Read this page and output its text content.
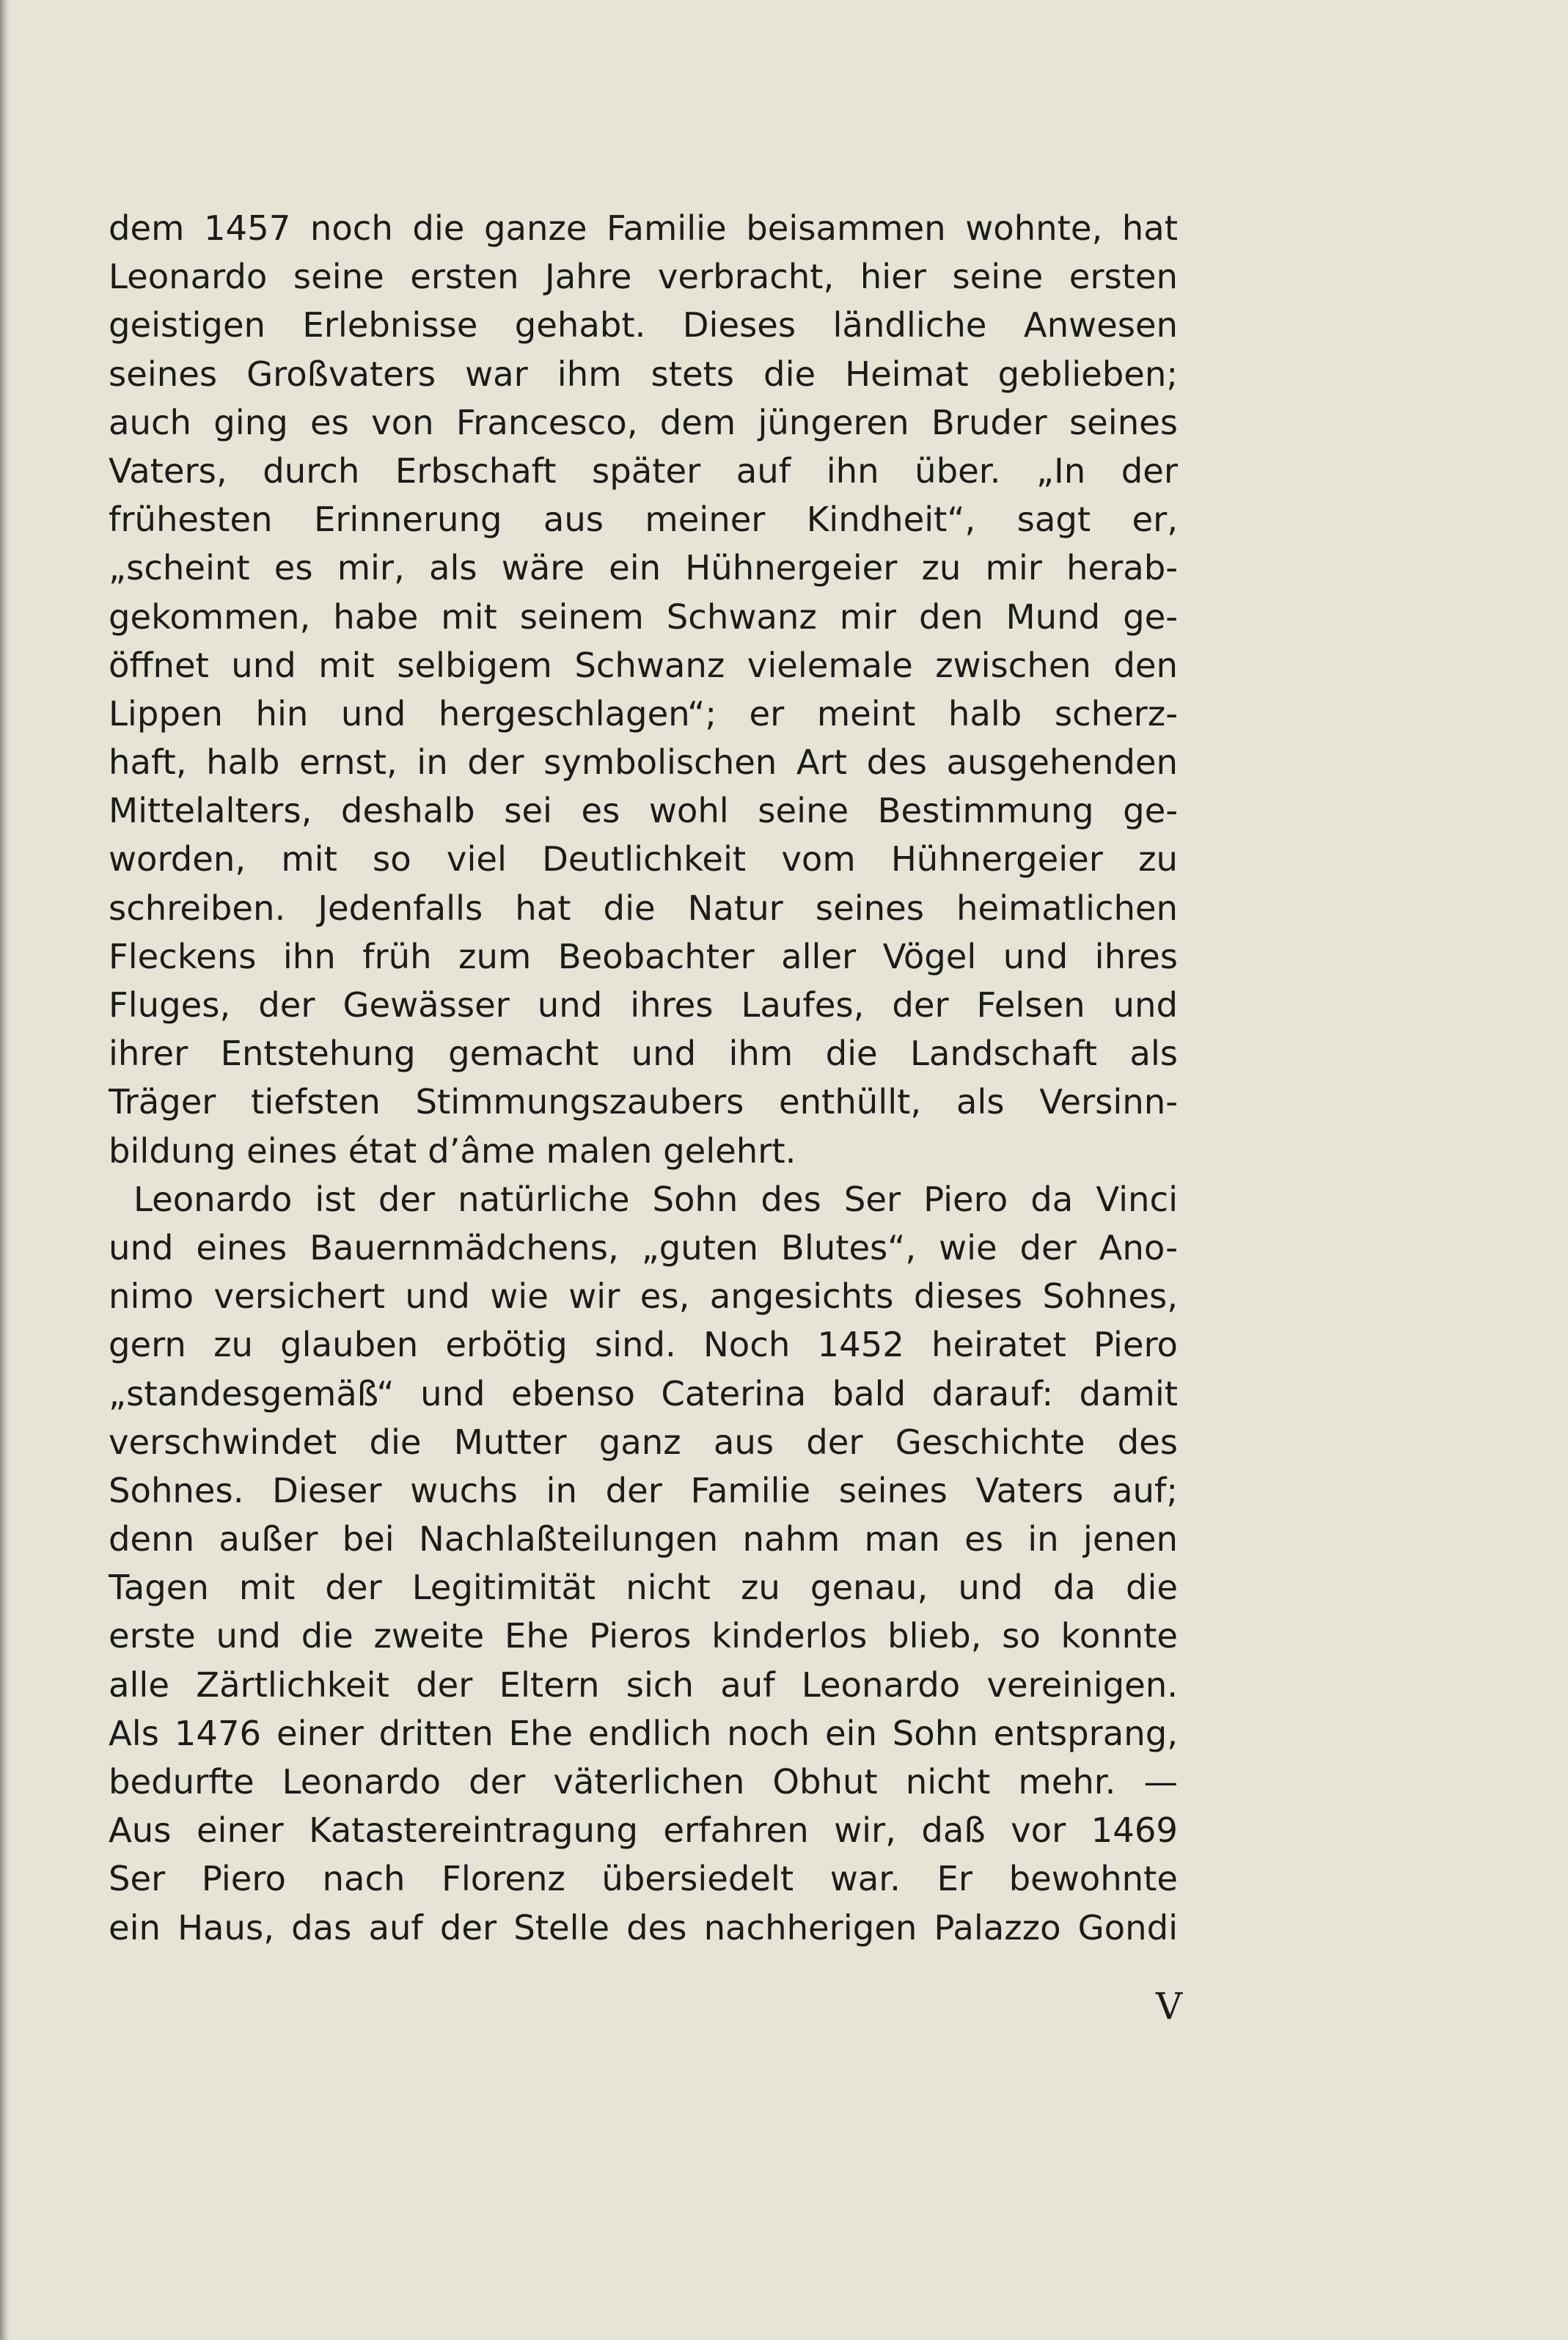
dem 1457 noch die ganze Familie beisammen wohnte, hat
Leonardo seine ersten Jahre verbracht, hier seine ersten
geistigen Erlebnisse gehabt. Dieses ländliche Anwesen
seines Großvaters war ihm stets die Heimat geblieben;
auch ging es von Francesco, dem jüngeren Bruder seines
Vaters, durch Erbschaft später auf ihn über. „In der
frühesten Erinnerung aus meiner Kindheit“, sagt er,
„scheint es mir, als wäre ein Hühnergeier zu mir herab-
gekommen, habe mit seinem Schwanz mir den Mund ge-
öffnet und mit selbigem Schwanz vielemale zwischen den
Lippen hin und hergeschlagen“; er meint halb scherz-
haft, halb ernst, in der symbolischen Art des ausgehenden
Mittelalters, deshalb sei es wohl seine Bestimmung ge-
worden, mit so viel Deutlichkeit vom Hühnergeier zu
schreiben. Jedenfalls hat die Natur seines heimatlichen
Fleckens ihn früh zum Beobachter aller Vögel und ihres
Fluges, der Gewässer und ihres Laufes, der Felsen und
ihrer Entstehung gemacht und ihm die Landschaft als
Träger tiefsten Stimmungszaubers enthüllt, als Versinn-
bildung eines état d’âme malen gelehrt.
Leonardo ist der natürliche Sohn des Ser Piero da Vinci
und eines Bauernmädchens, „guten Blutes“, wie der Ano-
nimo versichert und wie wir es, angesichts dieses Sohnes,
gern zu glauben erbötig sind. Noch 1452 heiratet Piero
„standesgemäß“ und ebenso Caterina bald darauf: damit
verschwindet die Mutter ganz aus der Geschichte des
Sohnes. Dieser wuchs in der Familie seines Vaters auf;
denn außer bei Nachlaßteilungen nahm man es in jenen
Tagen mit der Legitimität nicht zu genau, und da die
erste und die zweite Ehe Pieros kinderlos blieb, so konnte
alle Zärtlichkeit der Eltern sich auf Leonardo vereinigen.
Als 1476 einer dritten Ehe endlich noch ein Sohn entsprang,
bedurfte Leonardo der väterlichen Obhut nicht mehr. —
Aus einer Katastereintragung erfahren wir, daß vor 1469
Ser Piero nach Florenz übersiedelt war. Er bewohnte
ein Haus, das auf der Stelle des nachherigen Palazzo Gondi
V
